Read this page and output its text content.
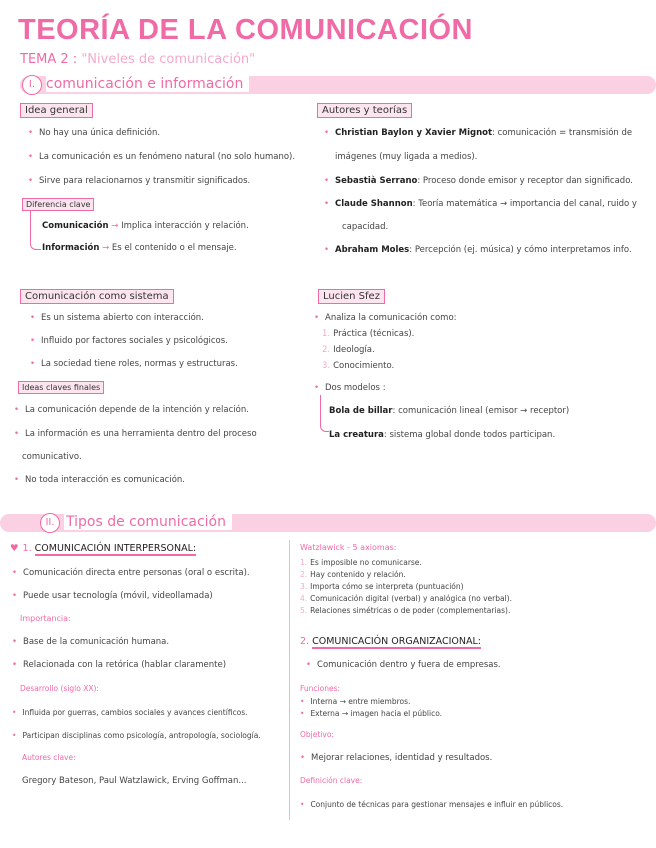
TEORÍA DE LA COMUNICACIÓN
TEMA 2 : "Niveles de comunicación"
I. comunicación e información
Idea general
• No hay una única definición.
• La comunicación es un fenómeno natural (no solo humano).
• Sirve para relacionarnos y transmitir significados.
Diferencia clave
Comunicación → Implica interacción y relación.
Información → Es el contenido o el mensaje.
Autores y teorías
• Christian Baylon y Xavier Mignot: comunicación = transmisión de
imágenes (muy ligada a medios).
• Sebastià Serrano: Proceso donde emisor y receptor dan significado.
• Claude Shannon: Teoría matemática → importancia del canal, ruido y
capacidad.
• Abraham Moles: Percepción (ej. música) y cómo interpretamos info.
Comunicación como sistema
• Es un sistema abierto con interacción.
• Influido por factores sociales y psicológicos.
• La sociedad tiene roles, normas y estructuras.
Ideas claves finales
• La comunicación depende de la intención y relación.
• La información es una herramienta dentro del proceso
comunicativo.
• No toda interacción es comunicación.
Lucien Sfez
• Analiza la comunicación como:
1. Práctica (técnicas).
2. Ideología.
3. Conocimiento.
• Dos modelos :
Bola de billar: comunicación lineal (emisor → receptor)
La creatura: sistema global donde todos participan.
II. Tipos de comunicación
♥ 1. COMUNICACIÓN INTERPERSONAL:
• Comunicación directa entre personas (oral o escrita).
• Puede usar tecnología (móvil, videollamada)
Importancia:
• Base de la comunicación humana.
• Relacionada con la retórica (hablar claramente)
Desarrollo (siglo XX):
• Influida por guerras, cambios sociales y avances científicos.
• Participan disciplinas como psicología, antropología, sociología.
Autores clave:
Gregory Bateson, Paul Watzlawick, Erving Goffman...
Watzlawick - 5 axiomas:
1. Es imposible no comunicarse.
2. Hay contenido y relación.
3. Importa cómo se interpreta (puntuación)
4. Comunicación digital (verbal) y analógica (no verbal).
5. Relaciones simétricas o de poder (complementarias).
2. COMUNICACIÓN ORGANIZACIONAL:
• Comunicación dentro y fuera de empresas.
Funciones:
• Interna → entre miembros.
• Externa → imagen hacia el público.
Objetivo:
• Mejorar relaciones, identidad y resultados.
Definición clave:
• Conjunto de técnicas para gestionar mensajes e influir en públicos.
